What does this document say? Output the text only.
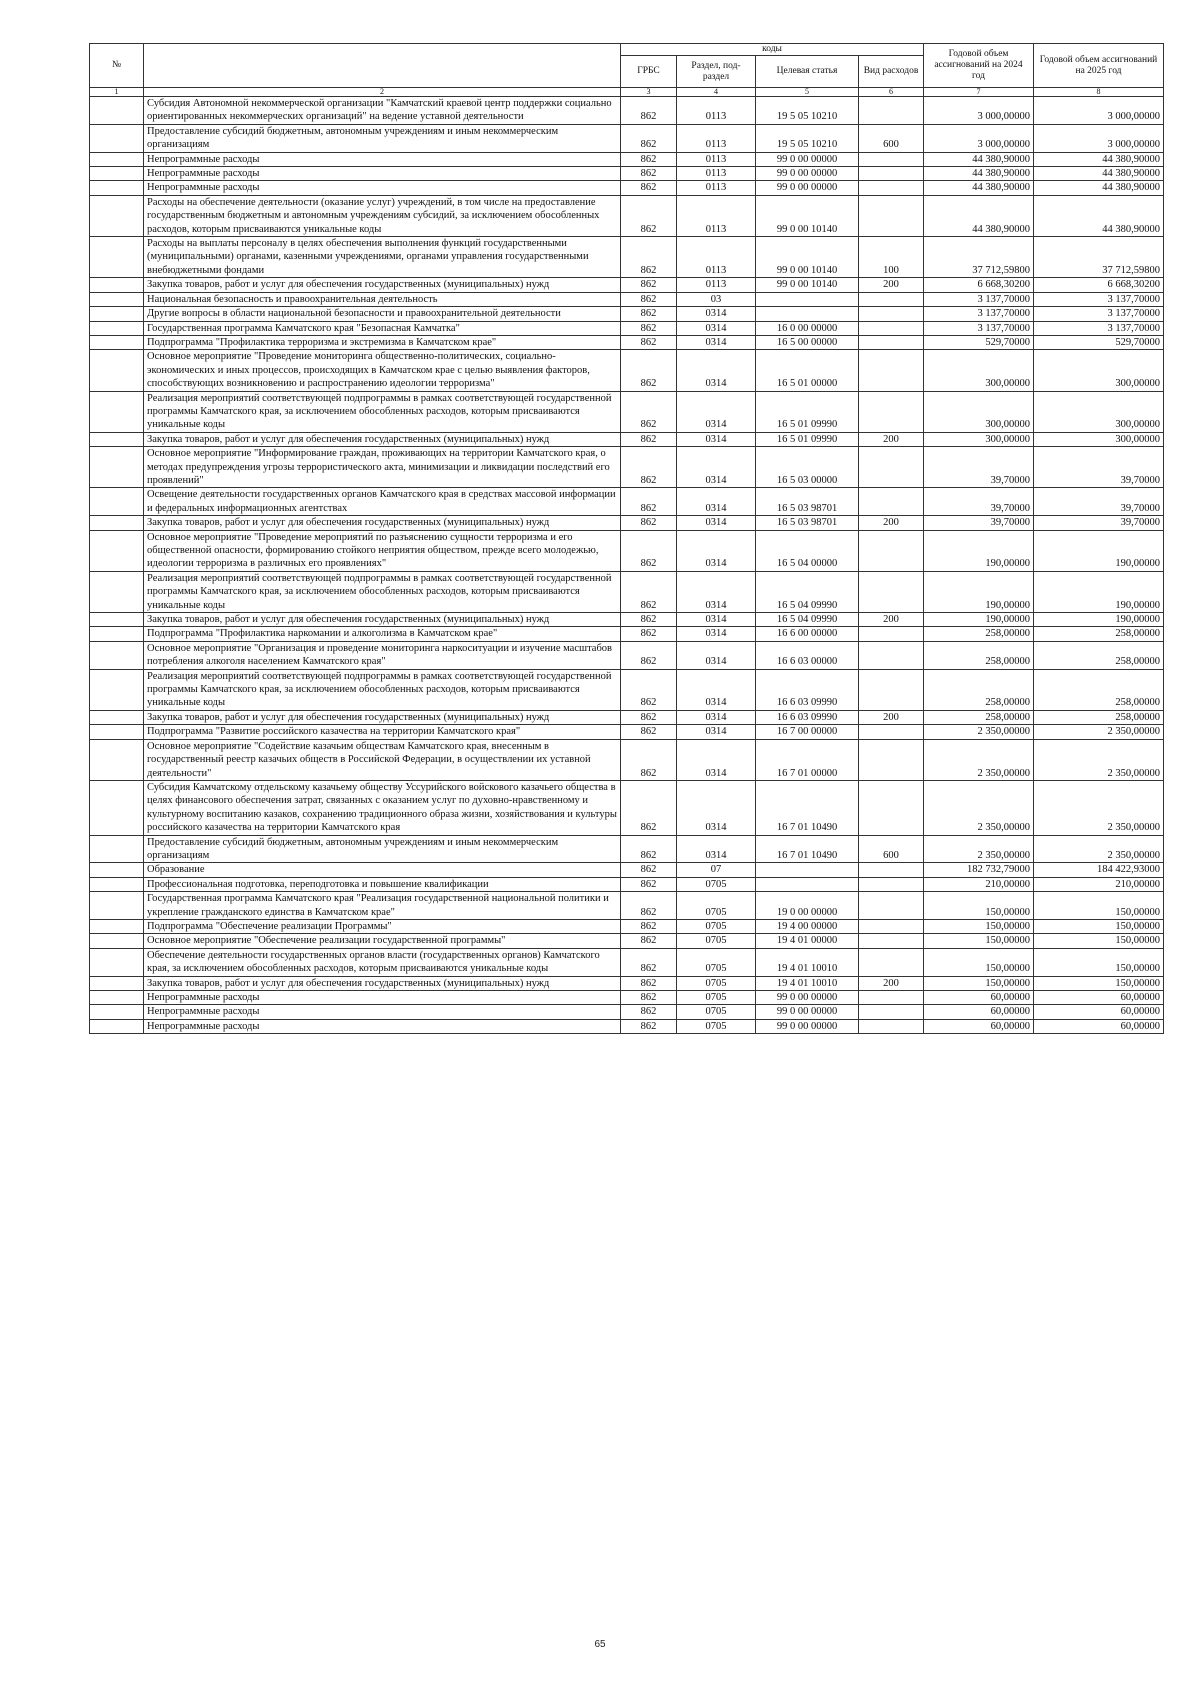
№		коды				Годовой объем ассигнований на 2024 год	Годовой объем ассигнований на 2025 год
		ГРБС	Раздел, под-раздел	Целевая статья	Вид расходов		
1	2	3	4	5	6	7	8
	Субсидия Автономной некоммерческой организации "Камчатский краевой центр поддержки социально ориентированных некоммерческих организаций" на ведение уставной деятельности	862	0113	19 5 05 10210		3 000,00000	3 000,00000
	Предоставление субсидий бюджетным, автономным учреждениям и иным некоммерческим организациям	862	0113	19 5 05 10210	600	3 000,00000	3 000,00000
	Непрограммные расходы	862	0113	99 0 00 00000		44 380,90000	44 380,90000
	Непрограммные расходы	862	0113	99 0 00 00000		44 380,90000	44 380,90000
	Непрограммные расходы	862	0113	99 0 00 00000		44 380,90000	44 380,90000
	Расходы на обеспечение деятельности (оказание услуг) учреждений, в том числе на предоставление государственным бюджетным и автономным учреждениям субсидий, за исключением обособленных расходов, которым присваиваются уникальные коды	862	0113	99 0 00 10140		44 380,90000	44 380,90000
	Расходы на выплаты персоналу в целях обеспечения выполнения функций государственными (муниципальными) органами, казенными учреждениями, органами управления государственными внебюджетными фондами	862	0113	99 0 00 10140	100	37 712,59800	37 712,59800
	Закупка товаров, работ и услуг для обеспечения государственных (муниципальных) нужд	862	0113	99 0 00 10140	200	6 668,30200	6 668,30200
	Национальная безопасность и правоохранительная деятельность	862	03			3 137,70000	3 137,70000
	Другие вопросы в области национальной безопасности и правоохранительной деятельности	862	0314			3 137,70000	3 137,70000
	Государственная программа Камчатского края "Безопасная Камчатка"	862	0314	16 0 00 00000		3 137,70000	3 137,70000
	Подпрограмма "Профилактика терроризма и экстремизма в Камчатском крае"	862	0314	16 5 00 00000		529,70000	529,70000
	Основное мероприятие "Проведение мониторинга общественно-политических, социально-экономических и иных процессов, происходящих в Камчатском крае с целью выявления факторов, способствующих возникновению и распространению идеологии терроризма"	862	0314	16 5 01 00000		300,00000	300,00000
	Реализация мероприятий соответствующей подпрограммы в рамках соответствующей государственной программы Камчатского края, за исключением обособленных расходов, которым присваиваются уникальные коды	862	0314	16 5 01 09990		300,00000	300,00000
	Закупка товаров, работ и услуг для обеспечения государственных (муниципальных) нужд	862	0314	16 5 01 09990	200	300,00000	300,00000
	Основное мероприятие "Информирование граждан, проживающих на территории Камчатского края, о методах предупреждения угрозы террористического акта, минимизации и ликвидации последствий его проявлений"	862	0314	16 5 03 00000		39,70000	39,70000
	Освещение деятельности государственных органов Камчатского края в средствах массовой информации и федеральных информационных агентствах	862	0314	16 5 03 98701		39,70000	39,70000
	Закупка товаров, работ и услуг для обеспечения государственных (муниципальных) нужд	862	0314	16 5 03 98701	200	39,70000	39,70000
	Основное мероприятие "Проведение мероприятий по разъяснению сущности терроризма и его общественной опасности, формированию стойкого неприятия обществом, прежде всего молодежью, идеологии терроризма в различных его проявлениях"	862	0314	16 5 04 00000		190,00000	190,00000
	Реализация мероприятий соответствующей подпрограммы в рамках соответствующей государственной программы Камчатского края, за исключением обособленных расходов, которым присваиваются уникальные коды	862	0314	16 5 04 09990		190,00000	190,00000
	Закупка товаров, работ и услуг для обеспечения государственных (муниципальных) нужд	862	0314	16 5 04 09990	200	190,00000	190,00000
	Подпрограмма "Профилактика наркомании и алкоголизма в Камчатском крае"	862	0314	16 6 00 00000		258,00000	258,00000
	Основное мероприятие "Организация и проведение мониторинга наркоситуации и изучение масштабов потребления алкоголя населением Камчатского края"	862	0314	16 6 03 00000		258,00000	258,00000
	Реализация мероприятий соответствующей подпрограммы в рамках соответствующей государственной программы Камчатского края, за исключением обособленных расходов, которым присваиваются уникальные коды	862	0314	16 6 03 09990		258,00000	258,00000
	Закупка товаров, работ и услуг для обеспечения государственных (муниципальных) нужд	862	0314	16 6 03 09990	200	258,00000	258,00000
	Подпрограмма "Развитие российского казачества на территории Камчатского края"	862	0314	16 7 00 00000		2 350,00000	2 350,00000
	Основное мероприятие "Содействие казачьим обществам Камчатского края, внесенным в государственный реестр казачьих обществ в Российской Федерации, в осуществлении их уставной деятельности"	862	0314	16 7 01 00000		2 350,00000	2 350,00000
	Субсидия Камчатскому отдельскому казачьему обществу Уссурийского войскового казачьего общества в целях финансового обеспечения затрат, связанных с оказанием услуг по духовно-нравственному и культурному воспитанию казаков, сохранению традиционного образа жизни, хозяйствования и культуры российского казачества на территории Камчатского края	862	0314	16 7 01 10490		2 350,00000	2 350,00000
	Предоставление субсидий бюджетным, автономным учреждениям и иным некоммерческим организациям	862	0314	16 7 01 10490	600	2 350,00000	2 350,00000
	Образование	862	07			182 732,79000	184 422,93000
	Профессиональная подготовка, переподготовка и повышение квалификации	862	0705			210,00000	210,00000
	Государственная программа Камчатского края "Реализация государственной национальной политики и укрепление гражданского единства в Камчатском крае"	862	0705	19 0 00 00000		150,00000	150,00000
	Подпрограмма "Обеспечение реализации Программы"	862	0705	19 4 00 00000		150,00000	150,00000
	Основное мероприятие "Обеспечение реализации государственной программы"	862	0705	19 4 01 00000		150,00000	150,00000
	Обеспечение деятельности государственных органов власти (государственных органов) Камчатского края, за исключением обособленных расходов, которым присваиваются уникальные коды	862	0705	19 4 01 10010		150,00000	150,00000
	Закупка товаров, работ и услуг для обеспечения государственных (муниципальных) нужд	862	0705	19 4 01 10010	200	150,00000	150,00000
	Непрограммные расходы	862	0705	99 0 00 00000		60,00000	60,00000
	Непрограммные расходы	862	0705	99 0 00 00000		60,00000	60,00000
	Непрограммные расходы	862	0705	99 0 00 00000		60,00000	60,00000
65
